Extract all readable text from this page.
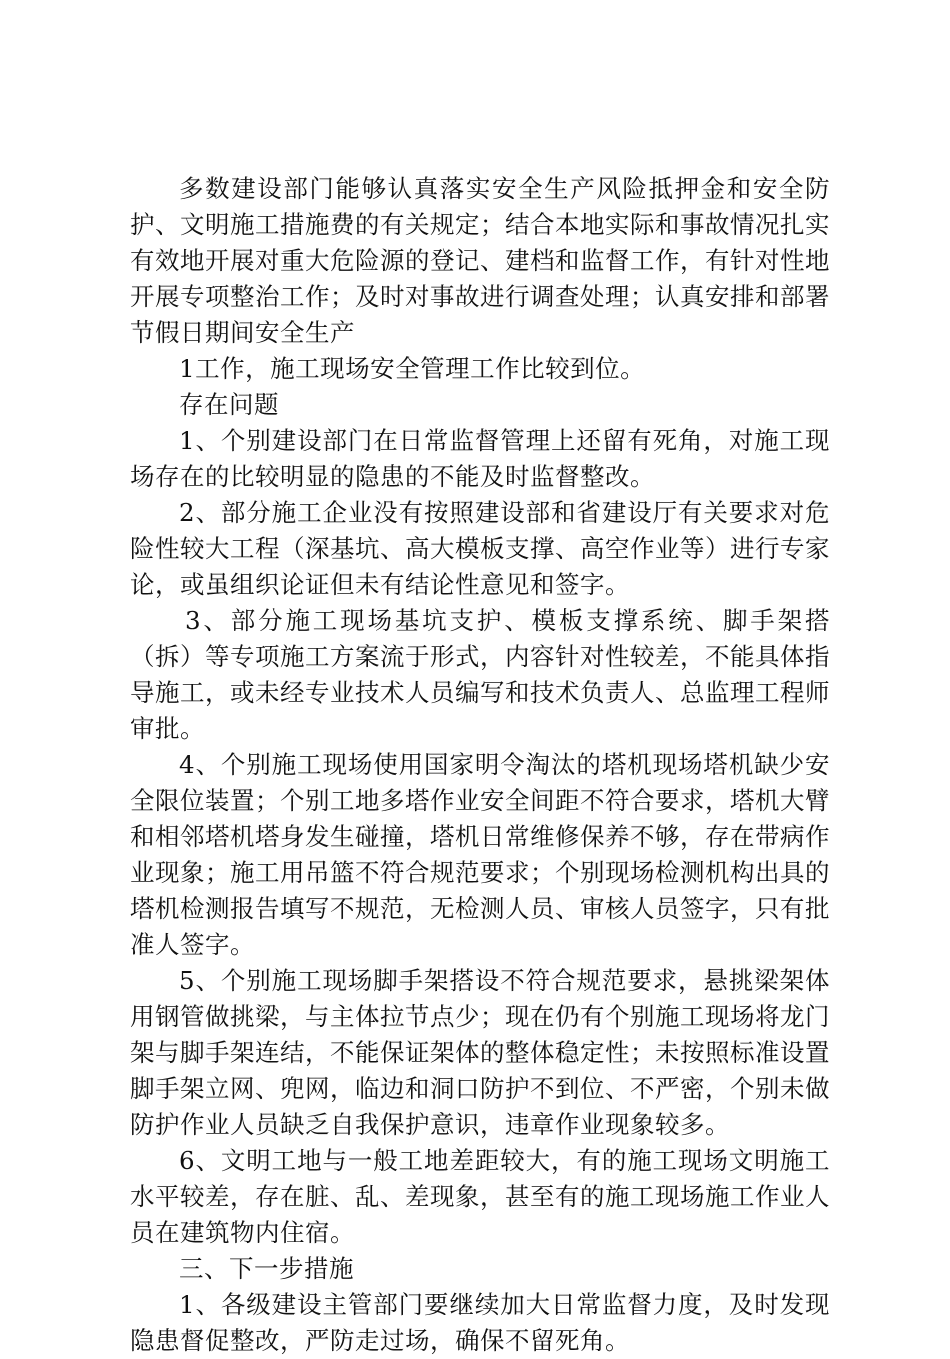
多数建设部门能够认真落实安全生产风险抵押金和安全防护、文明施工措施费的有关规定；结合本地实际和事故情况扎实有效地开展对重大危险源的登记、建档和监督工作，有针对性地开展专项整治工作；及时对事故进行调查处理；认真安排和部署节假日期间安全生产

1工作，施工现场安全管理工作比较到位。

存在问题

1、个别建设部门在日常监督管理上还留有死角，对施工现场存在的比较明显的隐患的不能及时监督整改。

2、部分施工企业没有按照建设部和省建设厅有关要求对危险性较大工程（深基坑、高大模板支撑、高空作业等）进行专家论，或虽组织论证但未有结论性意见和签字。

3、部分施工现场基坑支护、模板支撑系统、脚手架搭（拆）等专项施工方案流于形式，内容针对性较差，不能具体指导施工，或未经专业技术人员编写和技术负责人、总监理工程师审批。

4、个别施工现场使用国家明令淘汰的塔机现场塔机缺少安全限位装置；个别工地多塔作业安全间距不符合要求，塔机大臂和相邻塔机塔身发生碰撞，塔机日常维修保养不够，存在带病作业现象；施工用吊篮不符合规范要求；个别现场检测机构出具的塔机检测报告填写不规范，无检测人员、审核人员签字，只有批准人签字。

5、个别施工现场脚手架搭设不符合规范要求，悬挑梁架体用钢管做挑梁，与主体拉节点少；现在仍有个别施工现场将龙门架与脚手架连结，不能保证架体的整体稳定性；未按照标准设置脚手架立网、兜网，临边和洞口防护不到位、不严密，个别未做防护作业人员缺乏自我保护意识，违章作业现象较多。

6、文明工地与一般工地差距较大，有的施工现场文明施工水平较差，存在脏、乱、差现象，甚至有的施工现场施工作业人员在建筑物内住宿。

三、下一步措施

1、各级建设主管部门要继续加大日常监督力度，及时发现隐患督促整改，严防走过场，确保不留死角。
